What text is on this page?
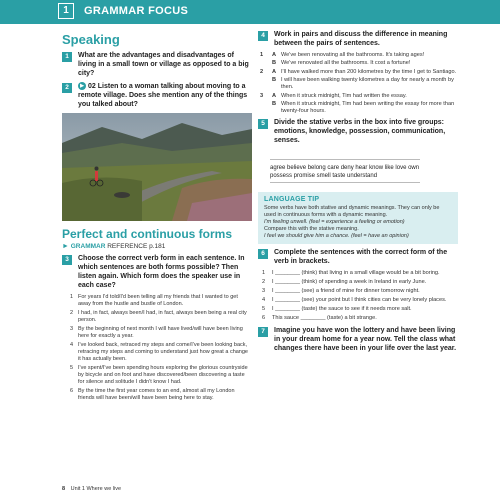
1	GRAMMAR FOCUS
Speaking
1	What are the advantages and disadvantages of living in a small town or village as opposed to a big city?
2	▶ 02 Listen to a woman talking about moving to a remote village. Does she mention any of the things you talked about?
Perfect and continuous forms
► GRAMMAR REFERENCE p.181
3	Choose the correct verb form in each sentence. In which sentences are both forms possible? Then listen again. Which form does the speaker use in each case?
1 For years I'd told/I'd been telling all my friends that I wanted to get away from the hustle and bustle of London.
2 I had, in fact, always been/I had, in fact, always been being a real city person.
3 By the beginning of next month I will have lived/will have been living here for exactly a year.
4 I've looked back, retraced my steps and come/I've been looking back, retracing my steps and coming to understand just how great a change it has actually been.
5 I've spent/I've been spending hours exploring the glorious countryside by bicycle and on foot and have discovered/been discovering a taste for silence and solitude I didn't know I had.
6 By the time the first year comes to an end, almost all my London friends will have been/will have been being here to stay.
4	Work in pairs and discuss the difference in meaning between the pairs of sentences.
1 A We've been renovating all the bathrooms. It's taking ages!
B We've renovated all the bathrooms. It cost a fortune!
2 A I'll have walked more than 200 kilometres by the time I get to Santiago.
B I will have been walking twenty kilometres a day for nearly a month by then.
3 A When it struck midnight, Tim had written the essay.
B When it struck midnight, Tim had been writing the essay for more than twenty-four hours.
5	Divide the stative verbs in the box into five groups: emotions, knowledge, possession, communication, senses.
agree believe belong care deny hear know like love own possess promise smell taste understand
LANGUAGE TIP
Some verbs have both stative and dynamic meanings. They can only be used in continuous forms with a dynamic meaning.
I'm feeling unwell. (feel = experience a feeling or emotion)
Compare this with the stative meaning.
I feel we should give him a chance. (feel = have an opinion)
6	Complete the sentences with the correct form of the verb in brackets.
1 I ________ (think) that living in a small village would be a bit boring.
2 I ________ (think) of spending a week in Ireland in early June.
3 I ________ (see) a friend of mine for dinner tomorrow night.
4 I ________ (see) your point but I think cities can be very lonely places.
5 I ________ (taste) the sauce to see if it needs more salt.
6 This sauce ________ (taste) a bit strange.
7	Imagine you have won the lottery and have been living in your dream home for a year now. Tell the class what changes there have been in your life over the last year.
8 Unit 1 Where we live
